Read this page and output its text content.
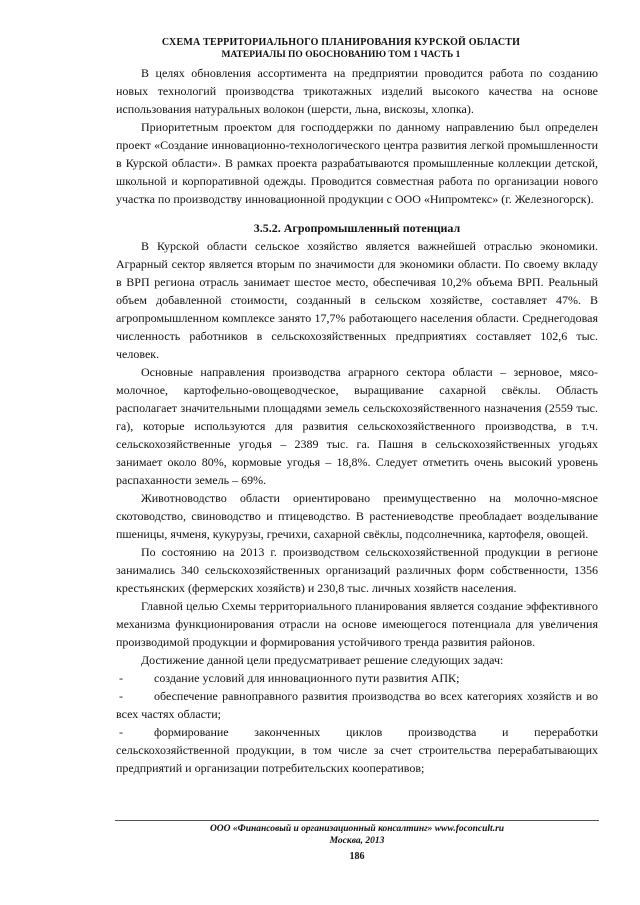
СХЕМА ТЕРРИТОРИАЛЬНОГО ПЛАНИРОВАНИЯ КУРСКОЙ ОБЛАСТИ
МАТЕРИАЛЫ ПО ОБОСНОВАНИЮ ТОМ 1 ЧАСТЬ 1

В целях обновления ассортимента на предприятии проводится работа по созданию новых технологий производства трикотажных изделий высокого качества на основе использования натуральных волокон (шерсти, льна, вискозы, хлопка).

Приоритетным проектом для господдержки по данному направлению был определен проект «Создание инновационно-технологического центра развития легкой промышленности в Курской области». В рамках проекта разрабатываются промышленные коллекции детской, школьной и корпоративной одежды. Проводится совместная работа по организации нового участка по производству инновационной продукции с ООО «Нипромтекс» (г. Железногорск).

3.5.2. Агропромышленный потенциал

В Курской области сельское хозяйство является важнейшей отраслью экономики. Аграрный сектор является вторым по значимости для экономики области. По своему вкладу в ВРП региона отрасль занимает шестое место, обеспечивая 10,2% объема ВРП. Реальный объем добавленной стоимости, созданный в сельском хозяйстве, составляет 47%. В агропромышленном комплексе занято 17,7% работающего населения области. Среднегодовая численность работников в сельскохозяйственных предприятиях составляет 102,6 тыс. человек.

Основные направления производства аграрного сектора области – зерновое, мясо-молочное, картофельно-овощеводческое, выращивание сахарной свёклы. Область располагает значительными площадями земель сельскохозяйственного назначения (2559 тыс. га), которые используются для развития сельскохозяйственного производства, в т.ч. сельскохозяйственные угодья – 2389 тыс. га. Пашня в сельскохозяйственных угодьях занимает около 80%, кормовые угодья – 18,8%. Следует отметить очень высокий уровень распаханности земель – 69%.

Животноводство области ориентировано преимущественно на молочно-мясное скотоводство, свиноводство и птицеводство. В растениеводстве преобладает возделывание пшеницы, ячменя, кукурузы, гречихи, сахарной свёклы, подсолнечника, картофеля, овощей.

По состоянию на 2013 г. производством сельскохозяйственной продукции в регионе занимались 340 сельскохозяйственных организаций различных форм собственности, 1356 крестьянских (фермерских хозяйств) и 230,8 тыс. личных хозяйств населения.

Главной целью Схемы территориального планирования является создание эффективного механизма функционирования отрасли на основе имеющегося потенциала для увеличения производимой продукции и формирования устойчивого тренда развития районов.

Достижение данной цели предусматривает решение следующих задач:

-	создание условий для инновационного пути развития АПК;
-	обеспечение равноправного развития производства во всех категориях хозяйств и во всех частях области;
-	формирование законченных циклов производства и переработки сельскохозяйственной продукции, в том числе за счет строительства перерабатывающих предприятий и организации потребительских кооперативов;
ООО «Финансовый и организационный консалтинг» www.foconcult.ru
Москва, 2013
186
